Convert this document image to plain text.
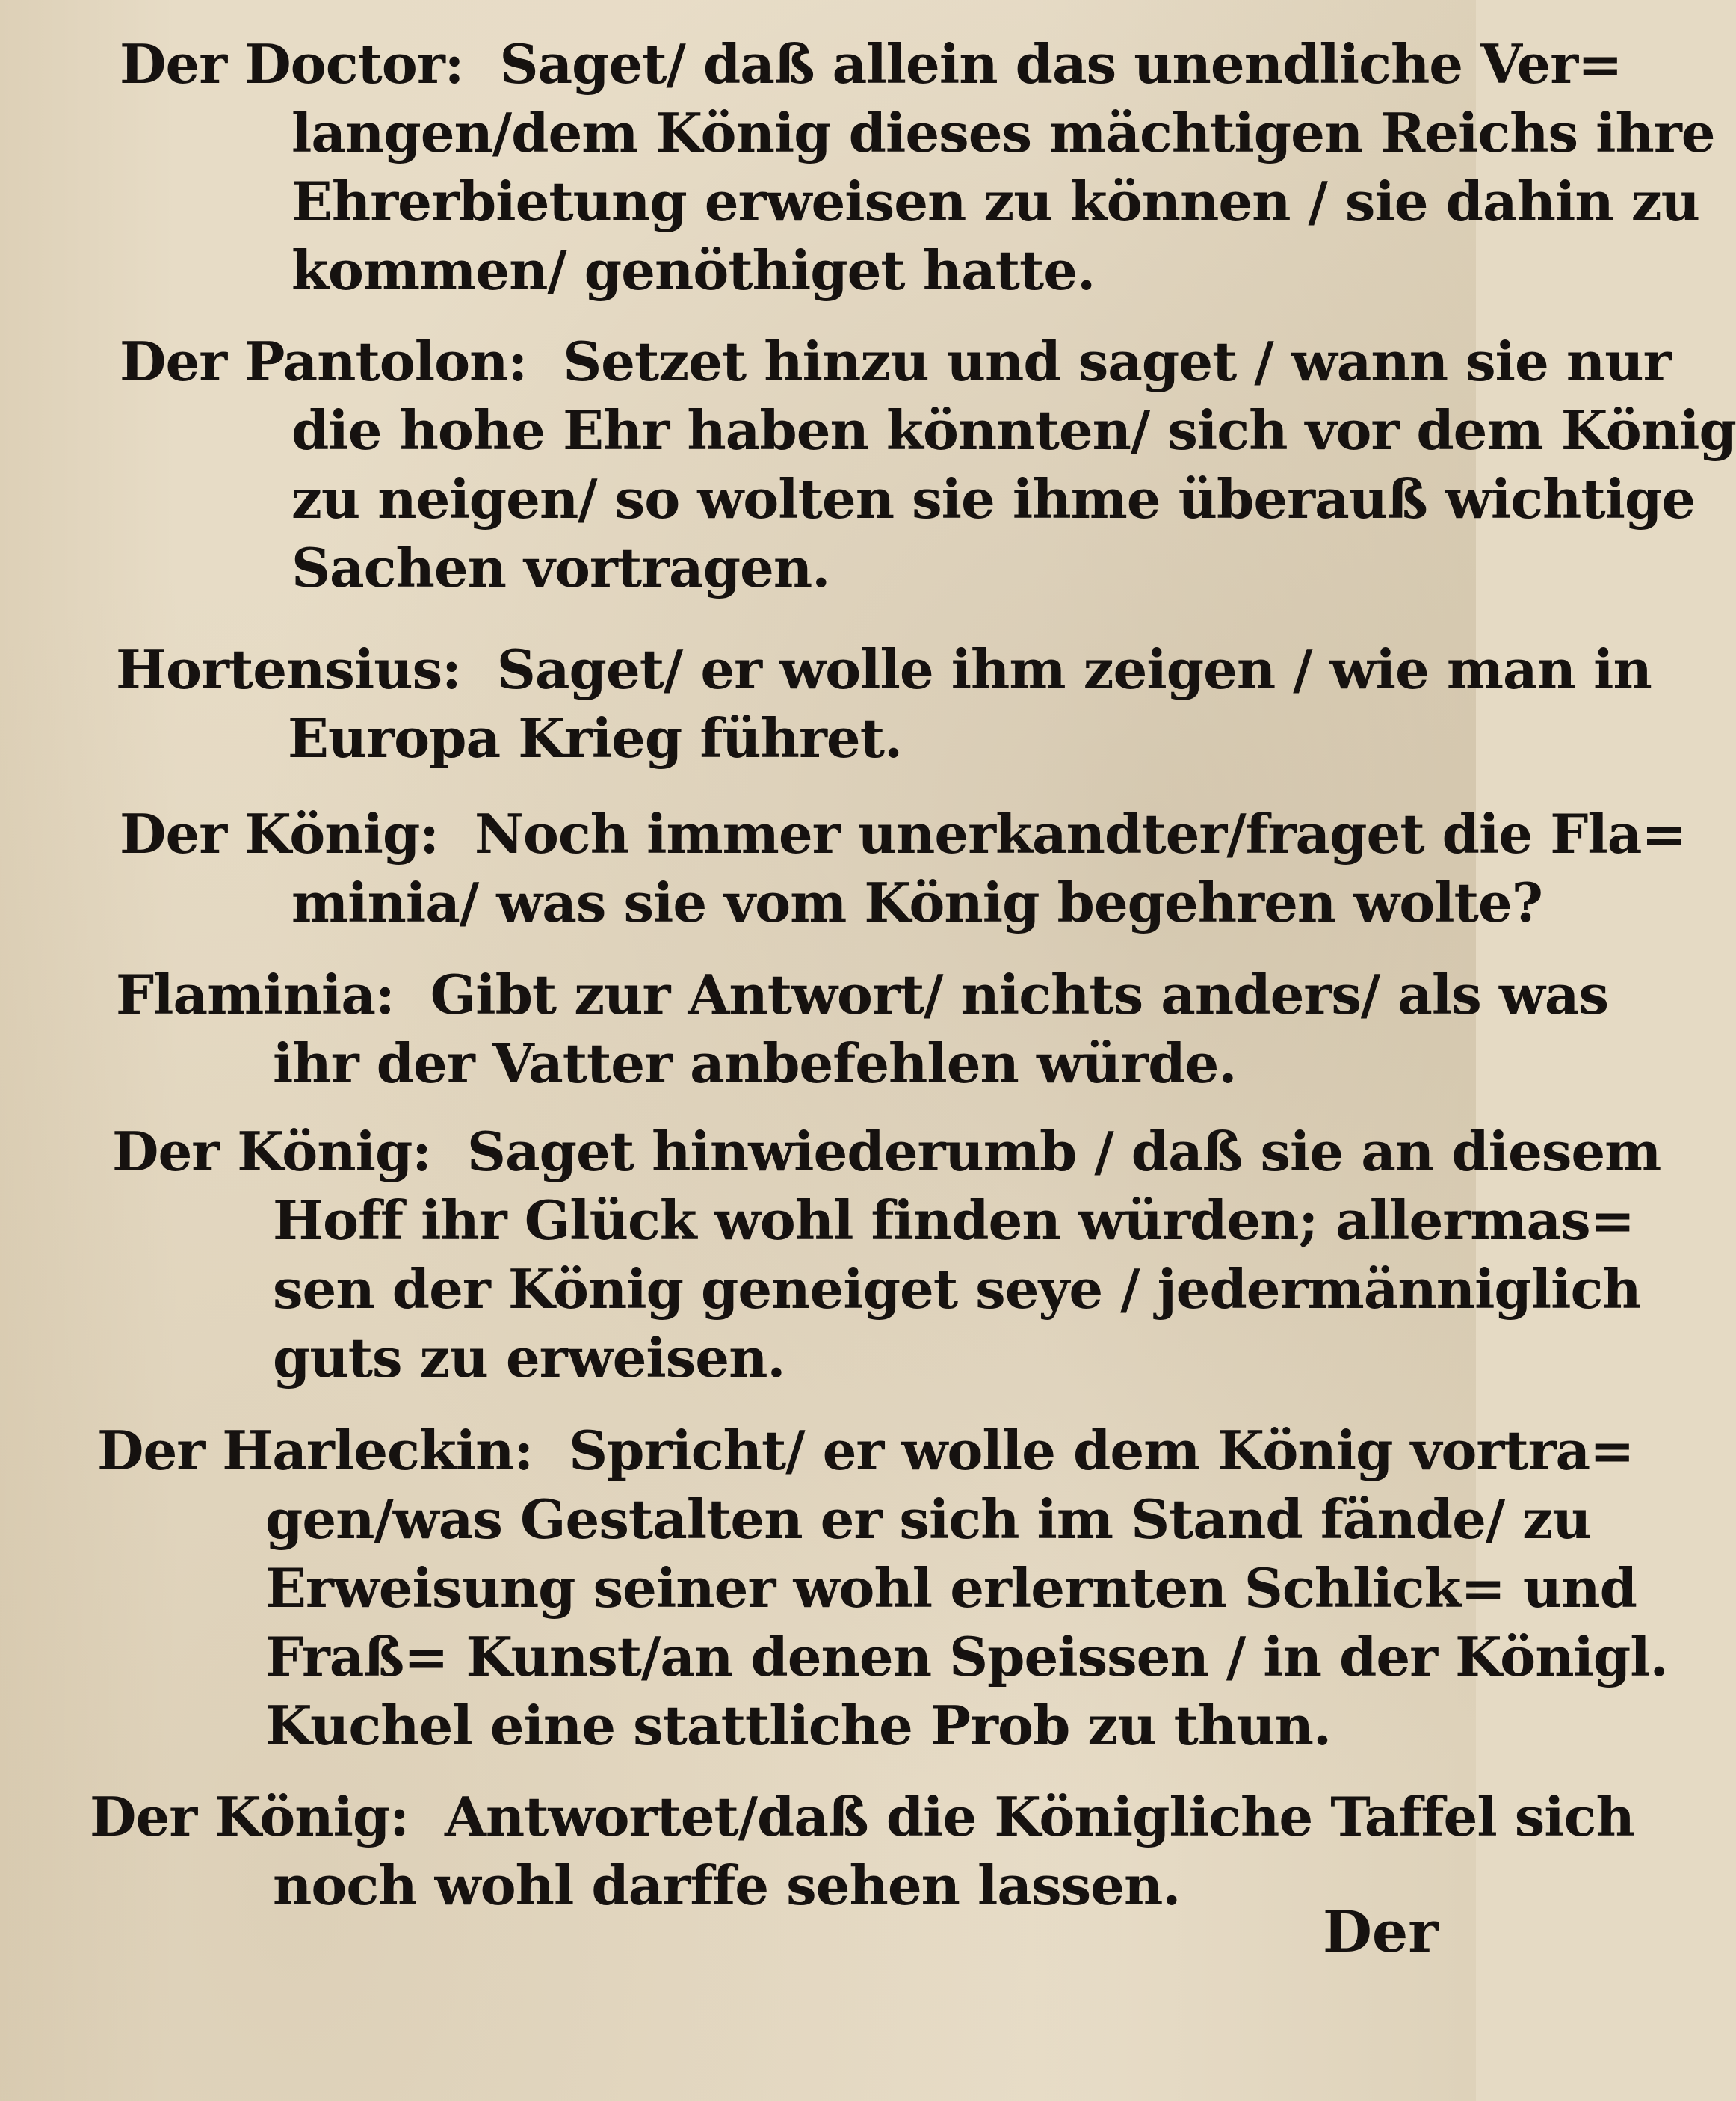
Der Doctor: Saget/ daß allein das unendliche Ver=
langen/dem König dieses mächtigen Reichs ihre
Ehrerbietung erweisen zu können / sie dahin zu
kommen/ genöthiget hatte.
Der Pantolon: Setzet hinzu und saget / wann sie nur
die hohe Ehr haben könnten/ sich vor dem König
zu neigen/ so wolten sie ihme überauß wichtige
Sachen vortragen.
Hortensius: Saget/ er wolle ihm zeigen / wie man in
Europa Krieg führet.
Der König: Noch immer unerkandter/fraget die Fla=
minia/ was sie vom König begehren wolte?
Flaminia: Gibt zur Antwort/ nichts anders/ als was
ihr der Vatter anbefehlen würde.
Der König: Saget hinwiederumb / daß sie an diesem
Hoff ihr Glück wohl finden würden; allermas=
sen der König geneiget seye / jedermänniglich
guts zu erweisen.
Der Harleckin: Spricht/ er wolle dem König vortra=
gen/was Gestalten er sich im Stand fände/ zu
Erweisung seiner wohl erlernten Schlick= und
Fraß= Kunst/an denen Speissen / in der Königl.
Kuchel eine stattliche Prob zu thun.
Der König: Antwortet/daß die Königliche Taffel sich
noch wohl darffe sehen lassen.
Der
